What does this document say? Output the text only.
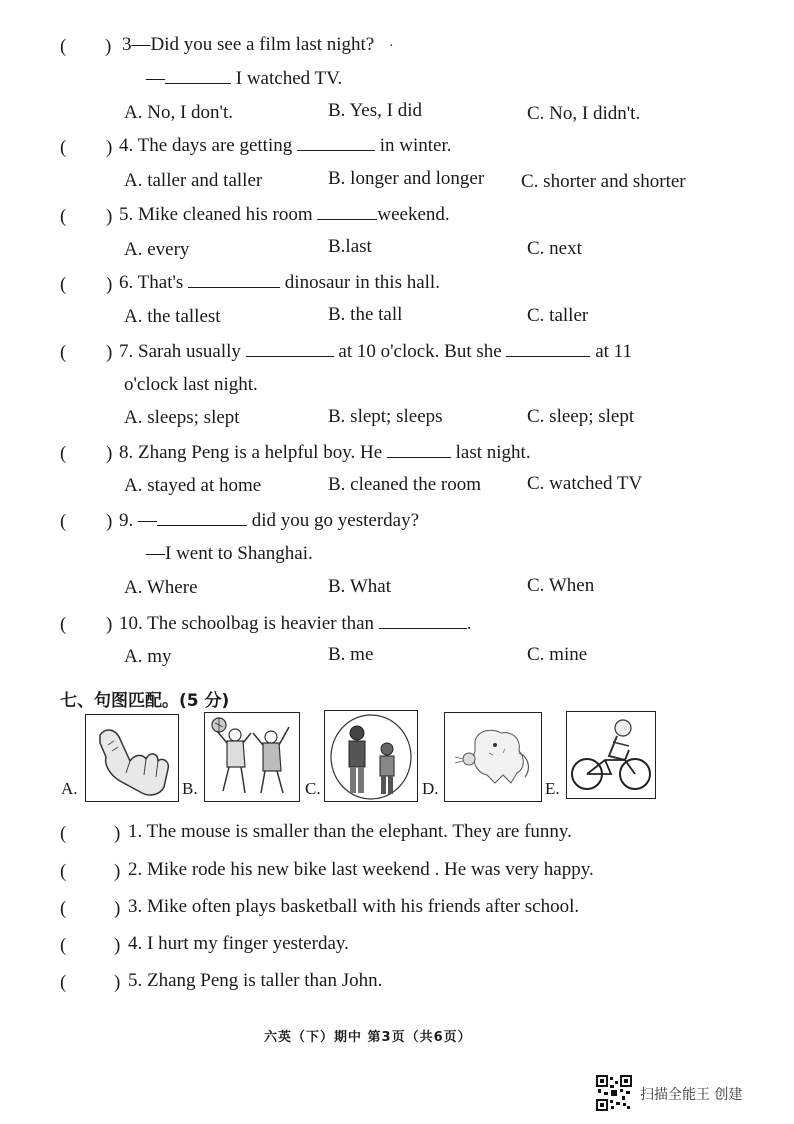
( ) 3—Did you see a film last night? ·
—	I watched TV.
A. No, I don't.	B. Yes, I did	C. No, I didn't.
( ) 4. The days are getting	in winter.
A. taller and taller	B. longer and longer C. shorter and shorter
( ) 5. Mike cleaned his room	weekend.
A. every	B.last	C. next
( ) 6. That's	dinosaur in this hall.
A. the tallest	B. the tall	C. taller
( ) 7. Sarah usually	at 10 o'clock. But she	at 11
o'clock last night.
A. sleeps; slept	B. slept; sleeps	C. sleep; slept
( ) 8. Zhang Peng is a helpful boy. He	last night.
A. stayed at home	B. cleaned the room C. watched TV
( ) 9. —	did you go yesterday?
—I went to Shanghai.
A. Where	B. What	C. When
( ) 10. The schoolbag is heavier than	.
A. my	B. me	C. mine
七、句图匹配。(5 分)
A.	B.	C.	D.	E.
(	) 1. The mouse is smaller than the elephant. They are funny.
(	) 2. Mike rode his new bike last weekend . He was very happy.
(	) 3. Mike often plays basketball with his friends after school.
(	) 4. I hurt my finger yesterday.
(	) 5. Zhang Peng is taller than John.
六英（下）期中 第3页（共6页）
扫描全能王 创建
